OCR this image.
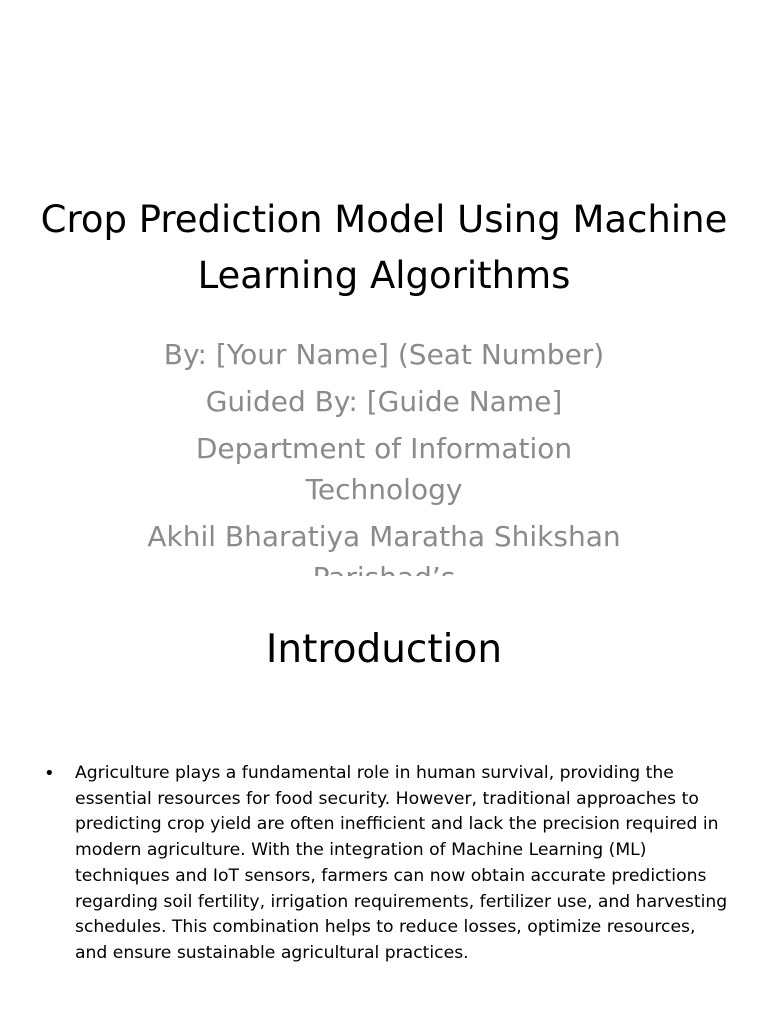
Crop Prediction Model Using Machine Learning Algorithms

By: [Your Name] (Seat Number)

Guided By: [Guide Name]

Department of Information Technology

Akhil Bharatiya Maratha Shikshan

Introduction
• Agriculture plays a fundamental role in human survival, providing the essential resources for food security. However, traditional approaches to predicting crop yield are often inefficient and lack the precision required in modern agriculture. With the integration of Machine Learning (ML) techniques and IoT sensors, farmers can now obtain accurate predictions regarding soil fertility, irrigation requirements, fertilizer use, and harvesting schedules. This combination helps to reduce losses, optimize resources, and ensure sustainable agricultural practices.
